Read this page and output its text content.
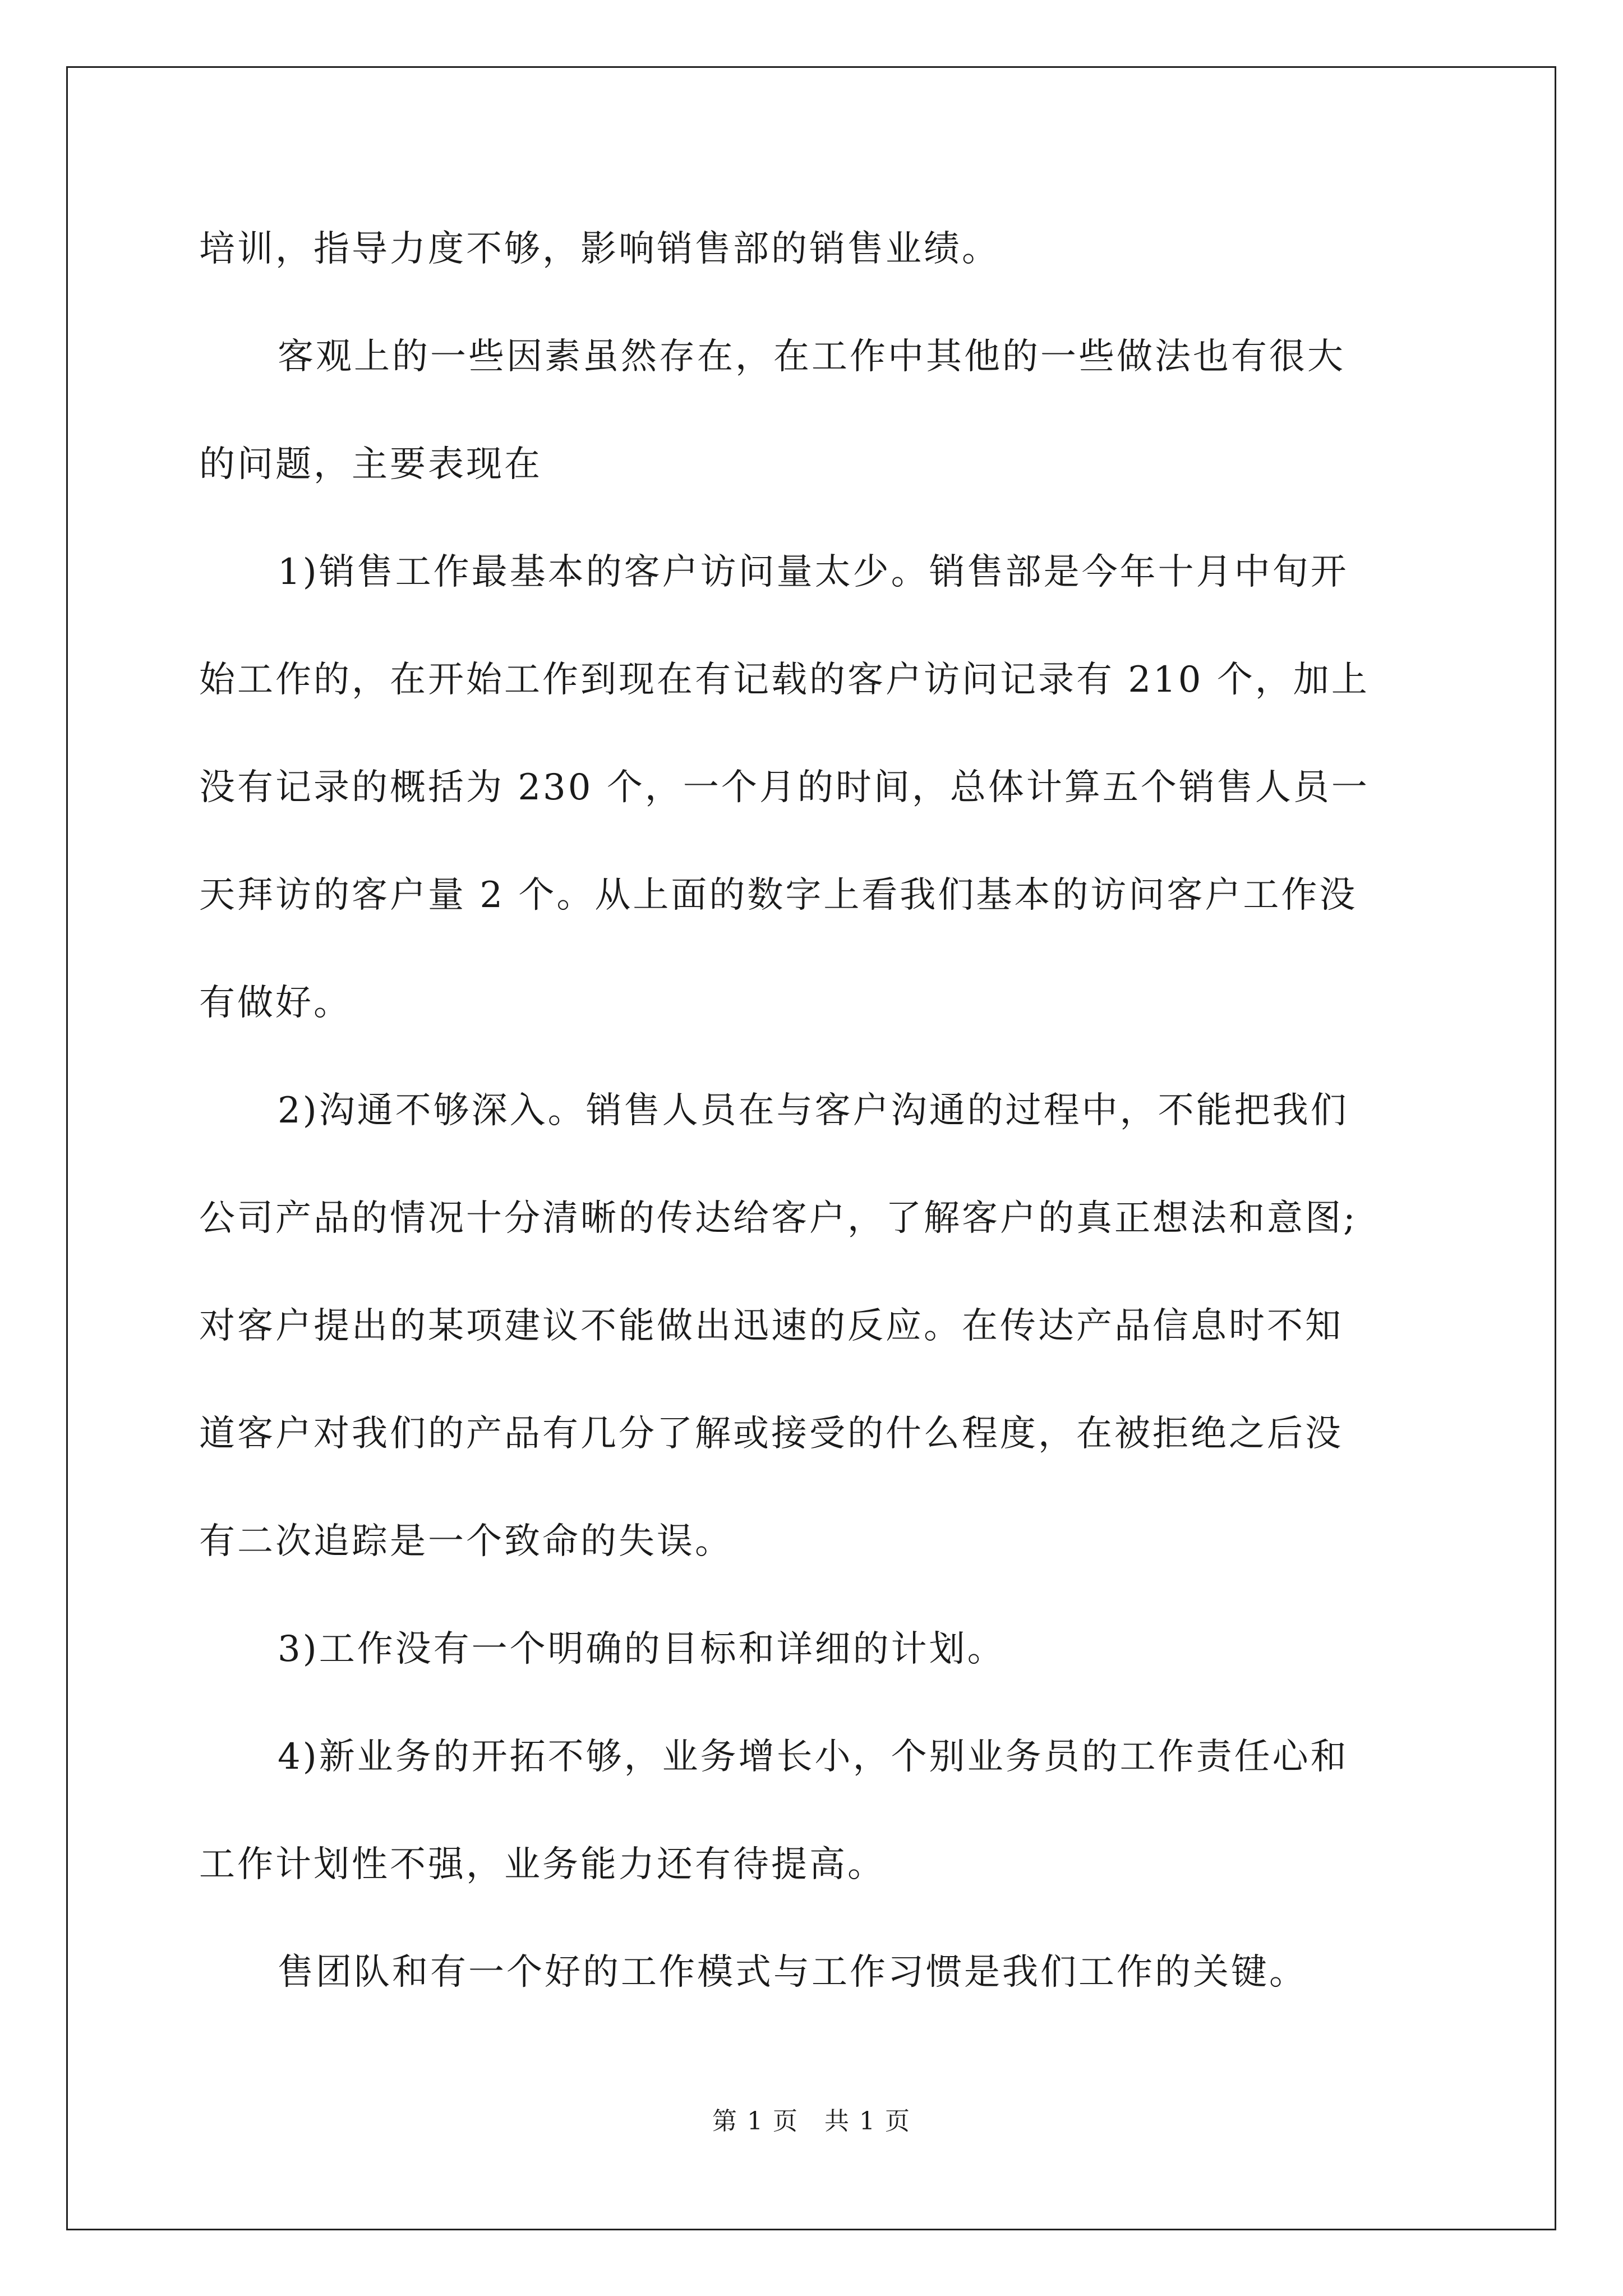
培训，指导力度不够，影响销售部的销售业绩。
客观上的一些因素虽然存在，在工作中其他的一些做法也有很大
的问题，主要表现在
1)销售工作最基本的客户访问量太少。销售部是今年十月中旬开
始工作的，在开始工作到现在有记载的客户访问记录有 210 个，加上
没有记录的概括为 230 个，一个月的时间，总体计算五个销售人员一
天拜访的客户量 2 个。从上面的数字上看我们基本的访问客户工作没
有做好。
2)沟通不够深入。销售人员在与客户沟通的过程中，不能把我们
公司产品的情况十分清晰的传达给客户，了解客户的真正想法和意图;
对客户提出的某项建议不能做出迅速的反应。在传达产品信息时不知
道客户对我们的产品有几分了解或接受的什么程度，在被拒绝之后没
有二次追踪是一个致命的失误。
3)工作没有一个明确的目标和详细的计划。
4)新业务的开拓不够，业务增长小，个别业务员的工作责任心和
工作计划性不强，业务能力还有待提高。
售团队和有一个好的工作模式与工作习惯是我们工作的关键。
第 1 页　共 1 页
